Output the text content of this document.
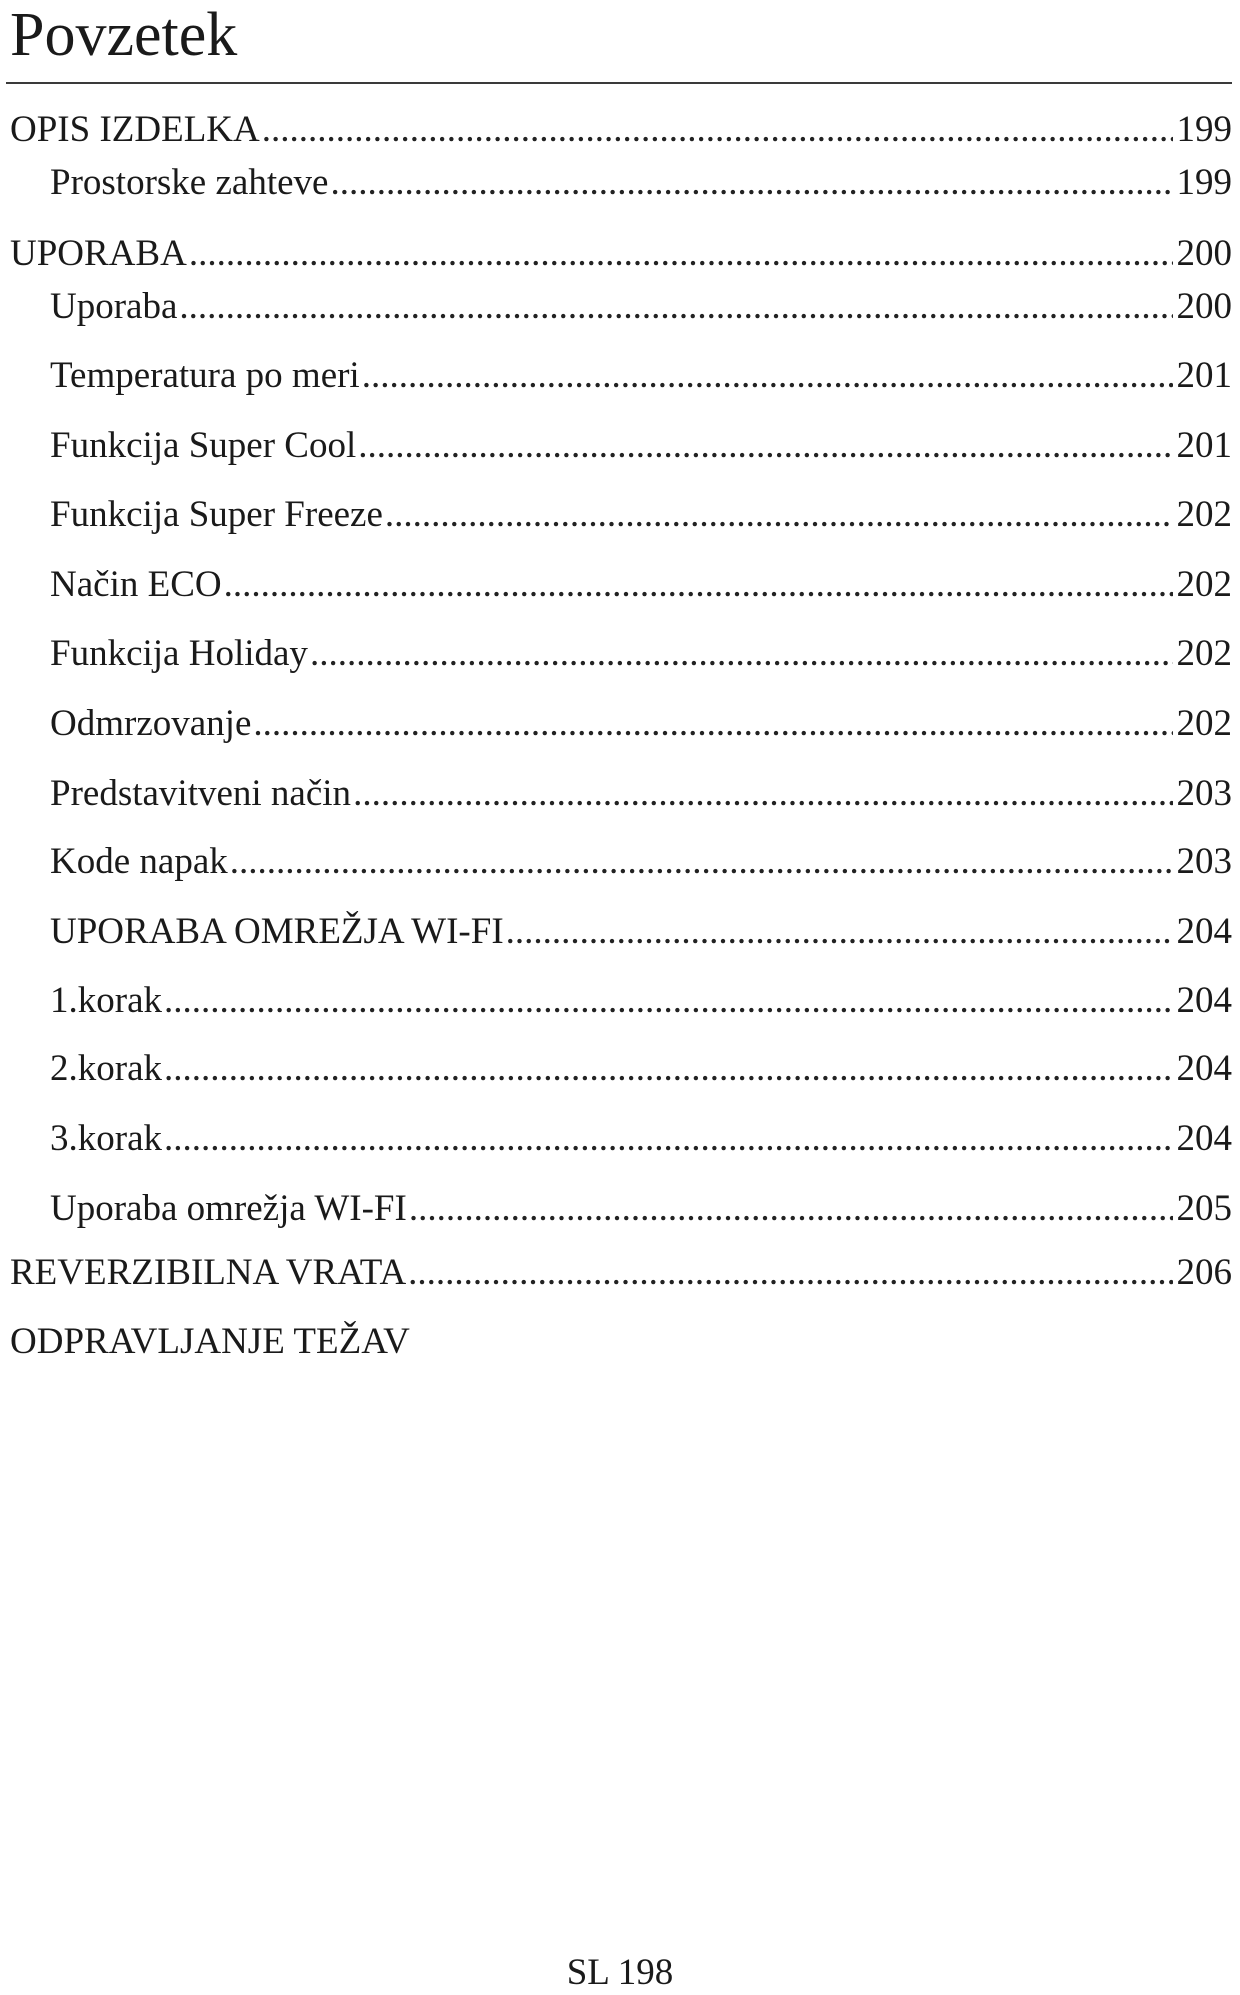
Povzetek
OPIS IZDELKA .....	199
Prostorske zahteve .....	199
UPORABA .....	200
Uporaba .....	200
Temperatura po meri .....	201
Funkcija Super Cool .....	201
Funkcija Super Freeze .....	202
Način ECO .....	202
Funkcija Holiday .....	202
Odmrzovanje .....	202
Predstavitveni način .....	203
Kode napak .....	203
UPORABA OMREŽJA WI-FI .....	204
1.korak .....	204
2.korak .....	204
3.korak .....	204
Uporaba omrežja WI-FI .....	205
REVERZIBILNA VRATA .....	206
ODPRAVLJANJE TEŽAV
SL 198
